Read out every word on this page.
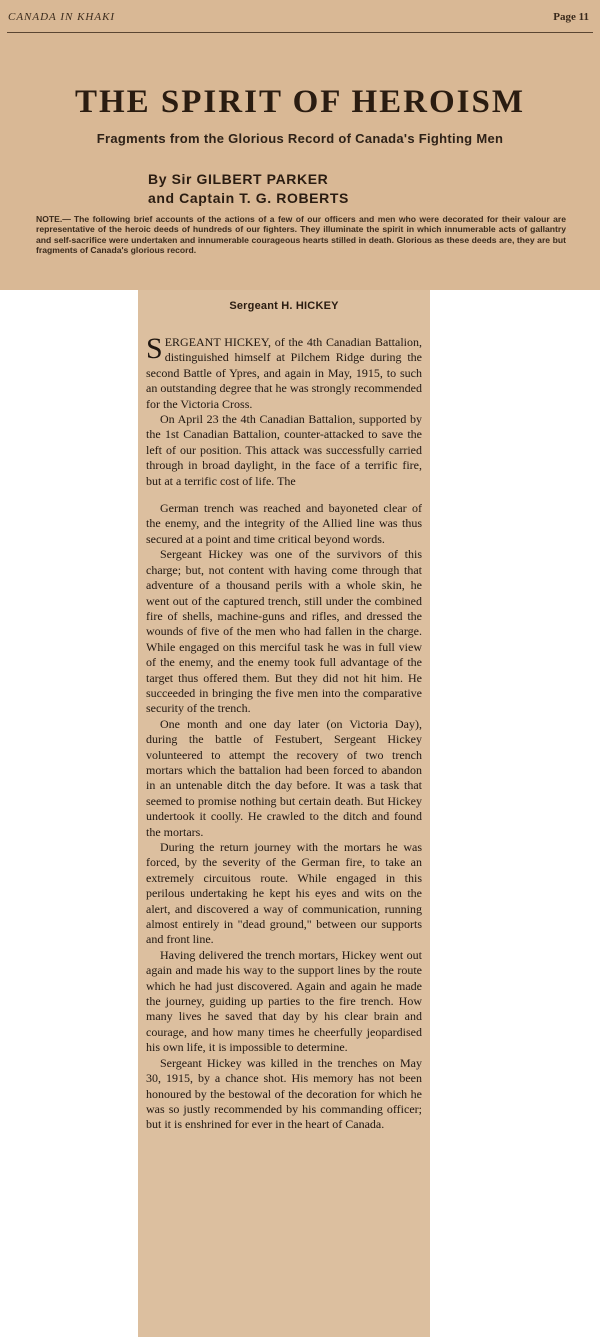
CANADA IN KHAKI	Page 11
THE SPIRIT OF HEROISM
Fragments from the Glorious Record of Canada's Fighting Men
By Sir GILBERT PARKER
and Captain T. G. ROBERTS
NOTE.— The following brief accounts of the actions of a few of our officers and men who were decorated for their valour are representative of the heroic deeds of hundreds of our fighters. They illuminate the spirit in which innumerable acts of gallantry and self-sacrifice were undertaken and innumerable courageous hearts stilled in death. Glorious as these deeds are, they are but fragments of Canada's glorious record.
Sergeant H. HICKEY

SERGEANT HICKEY, of the 4th Canadian Battalion, distinguished himself at Pilchem Ridge during the second Battle of Ypres, and again in May, 1915, to such an outstanding degree that he was strongly recommended for the Victoria Cross.

On April 23 the 4th Canadian Battalion, supported by the 1st Canadian Battalion, counter-attacked to save the left of our position. This attack was successfully carried through in broad daylight, in the face of a terrific fire, but at a terrific cost of life. The

German trench was reached and bayoneted clear of the enemy, and the integrity of the Allied line was thus secured at a point and time critical beyond words.

Sergeant Hickey was one of the survivors of this charge; but, not content with having come through that adventure of a thousand perils with a whole skin, he went out of the captured trench, still under the combined fire of shells, machine-guns and rifles, and dressed the wounds of five of the men who had fallen in the charge. While engaged on this merciful task he was in full view of the enemy, and the enemy took full advantage of the target thus offered them. But they did not hit him. He succeeded in bringing the five men into the comparative security of the trench.

One month and one day later (on Victoria Day), during the battle of Festubert, Sergeant Hickey volunteered to attempt the recovery of two trench mortars which the battalion had been forced to abandon in an untenable ditch the day before. It was a task that seemed to promise nothing but certain death. But Hickey undertook it coolly. He crawled to the ditch and found the mortars.

During the return journey with the mortars he was forced, by the severity of the German fire, to take an extremely circuitous route. While engaged in this perilous undertaking he kept his eyes and wits on the alert, and discovered a way of communication, running almost entirely in "dead ground," between our supports and front line.

Having delivered the trench mortars, Hickey went out again and made his way to the support lines by the route which he had just discovered. Again and again he made the journey, guiding up parties to the fire trench. How many lives he saved that day by his clear brain and courage, and how many times he cheerfully jeopardised his own life, it is impossible to determine.

Sergeant Hickey was killed in the trenches on May 30, 1915, by a chance shot. His memory has not been honoured by the bestowal of the decoration for which he was so justly recommended by his commanding officer; but it is enshrined for ever in the heart of Canada.
